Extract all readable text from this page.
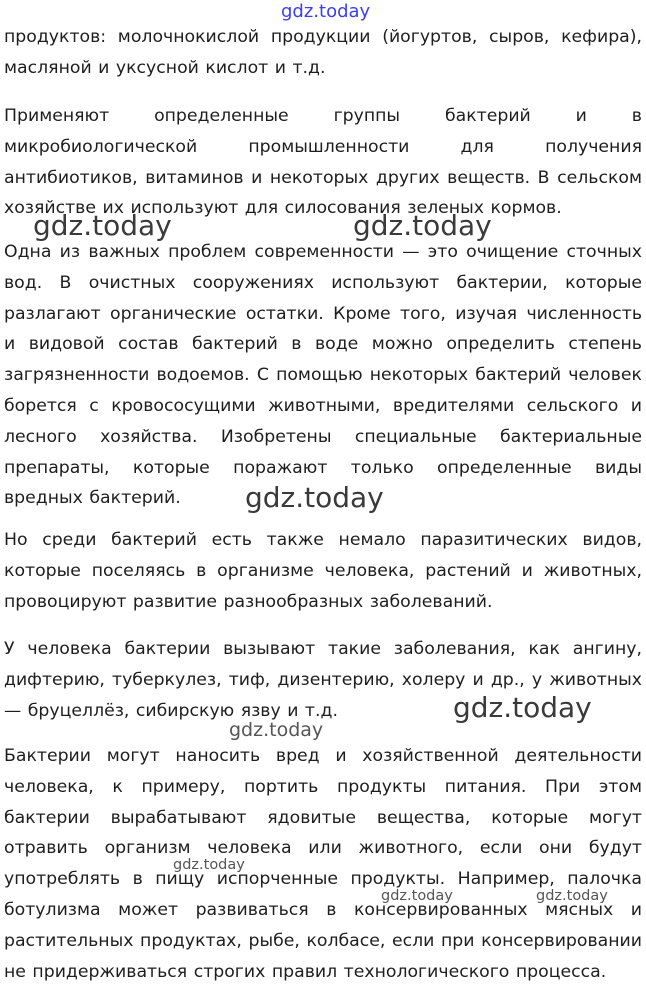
продуктов: молочнокислой продукции (йогуртов, сыров, кефира), масляной и уксусной кислот и т.д.

Применяют определенные группы бактерий и в микробиологической промышленности для получения антибиотиков, витаминов и некоторых других веществ. В сельском хозяйстве их используют для силосования зеленых кормов.

Одна из важных проблем современности — это очищение сточных вод. В очистных сооружениях используют бактерии, которые разлагают органические остатки. Кроме того, изучая численность и видовой состав бактерий в воде можно определить степень загрязненности водоемов. С помощью некоторых бактерий человек борется с кровососущими животными, вредителями сельского и лесного хозяйства. Изобретены специальные бактериальные препараты, которые поражают только определенные виды вредных бактерий.

Но среди бактерий есть также немало паразитических видов, которые поселяясь в организме человека, растений и животных, провоцируют развитие разнообразных заболеваний.

У человека бактерии вызывают такие заболевания, как ангину, дифтерию, туберкулез, тиф, дизентерию, холеру и др., у животных — бруцеллёз, сибирскую язву и т.д.

Бактерии могут наносить вред и хозяйственной деятельности человека, к примеру, портить продукты питания. При этом бактерии вырабатывают ядовитые вещества, которые могут отравить организм человека или животного, если они будут употреблять в пищу испорченные продукты. Например, палочка ботулизма может развиваться в консервированных мясных и растительных продуктах, рыбе, колбасе, если при консервировании не придерживаться строгих правил технологического процесса.

gdz.today
gdz.today	gdz.today
gdz.today
gdz.today
gdz.today
gdz.today
gdz.today	gdz.today
